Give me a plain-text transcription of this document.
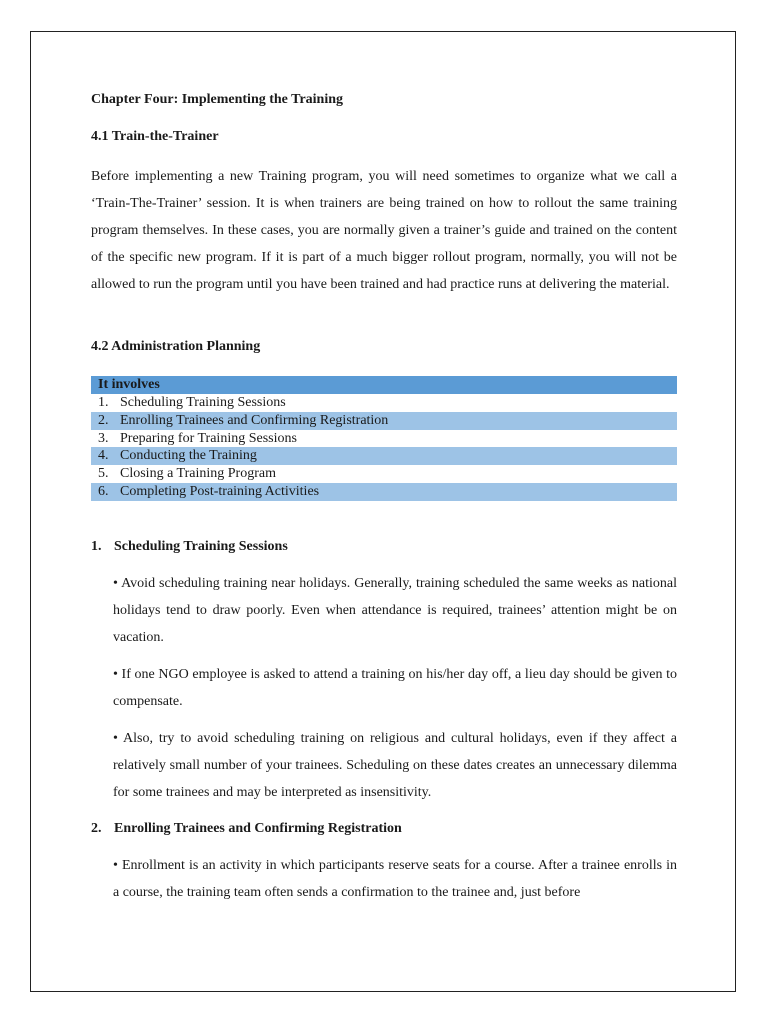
Chapter Four: Implementing the Training
4.1 Train-the-Trainer

Before implementing a new Training program, you will need sometimes to organize what we call a ‘Train-The-Trainer’ session. It is when trainers are being trained on how to rollout the same training program themselves. In these cases, you are normally given a trainer’s guide and trained on the content of the specific new program. If it is part of a much bigger rollout program, normally, you will not be allowed to run the program until you have been trained and had practice runs at delivering the material.

4.2 Administration Planning
It involves
1. Scheduling Training Sessions
2. Enrolling Trainees and Confirming Registration
3. Preparing for Training Sessions
4. Conducting the Training
5. Closing a Training Program
6. Completing Post-training Activities
1. Scheduling Training Sessions

• Avoid scheduling training near holidays. Generally, training scheduled the same weeks as national holidays tend to draw poorly. Even when attendance is required, trainees’ attention might be on vacation.

• If one NGO employee is asked to attend a training on his/her day off, a lieu day should be given to compensate.

• Also, try to avoid scheduling training on religious and cultural holidays, even if they affect a relatively small number of your trainees. Scheduling on these dates creates an unnecessary dilemma for some trainees and may be interpreted as insensitivity.

2. Enrolling Trainees and Confirming Registration

• Enrollment is an activity in which participants reserve seats for a course. After a trainee enrolls in a course, the training team often sends a confirmation to the trainee and, just before
